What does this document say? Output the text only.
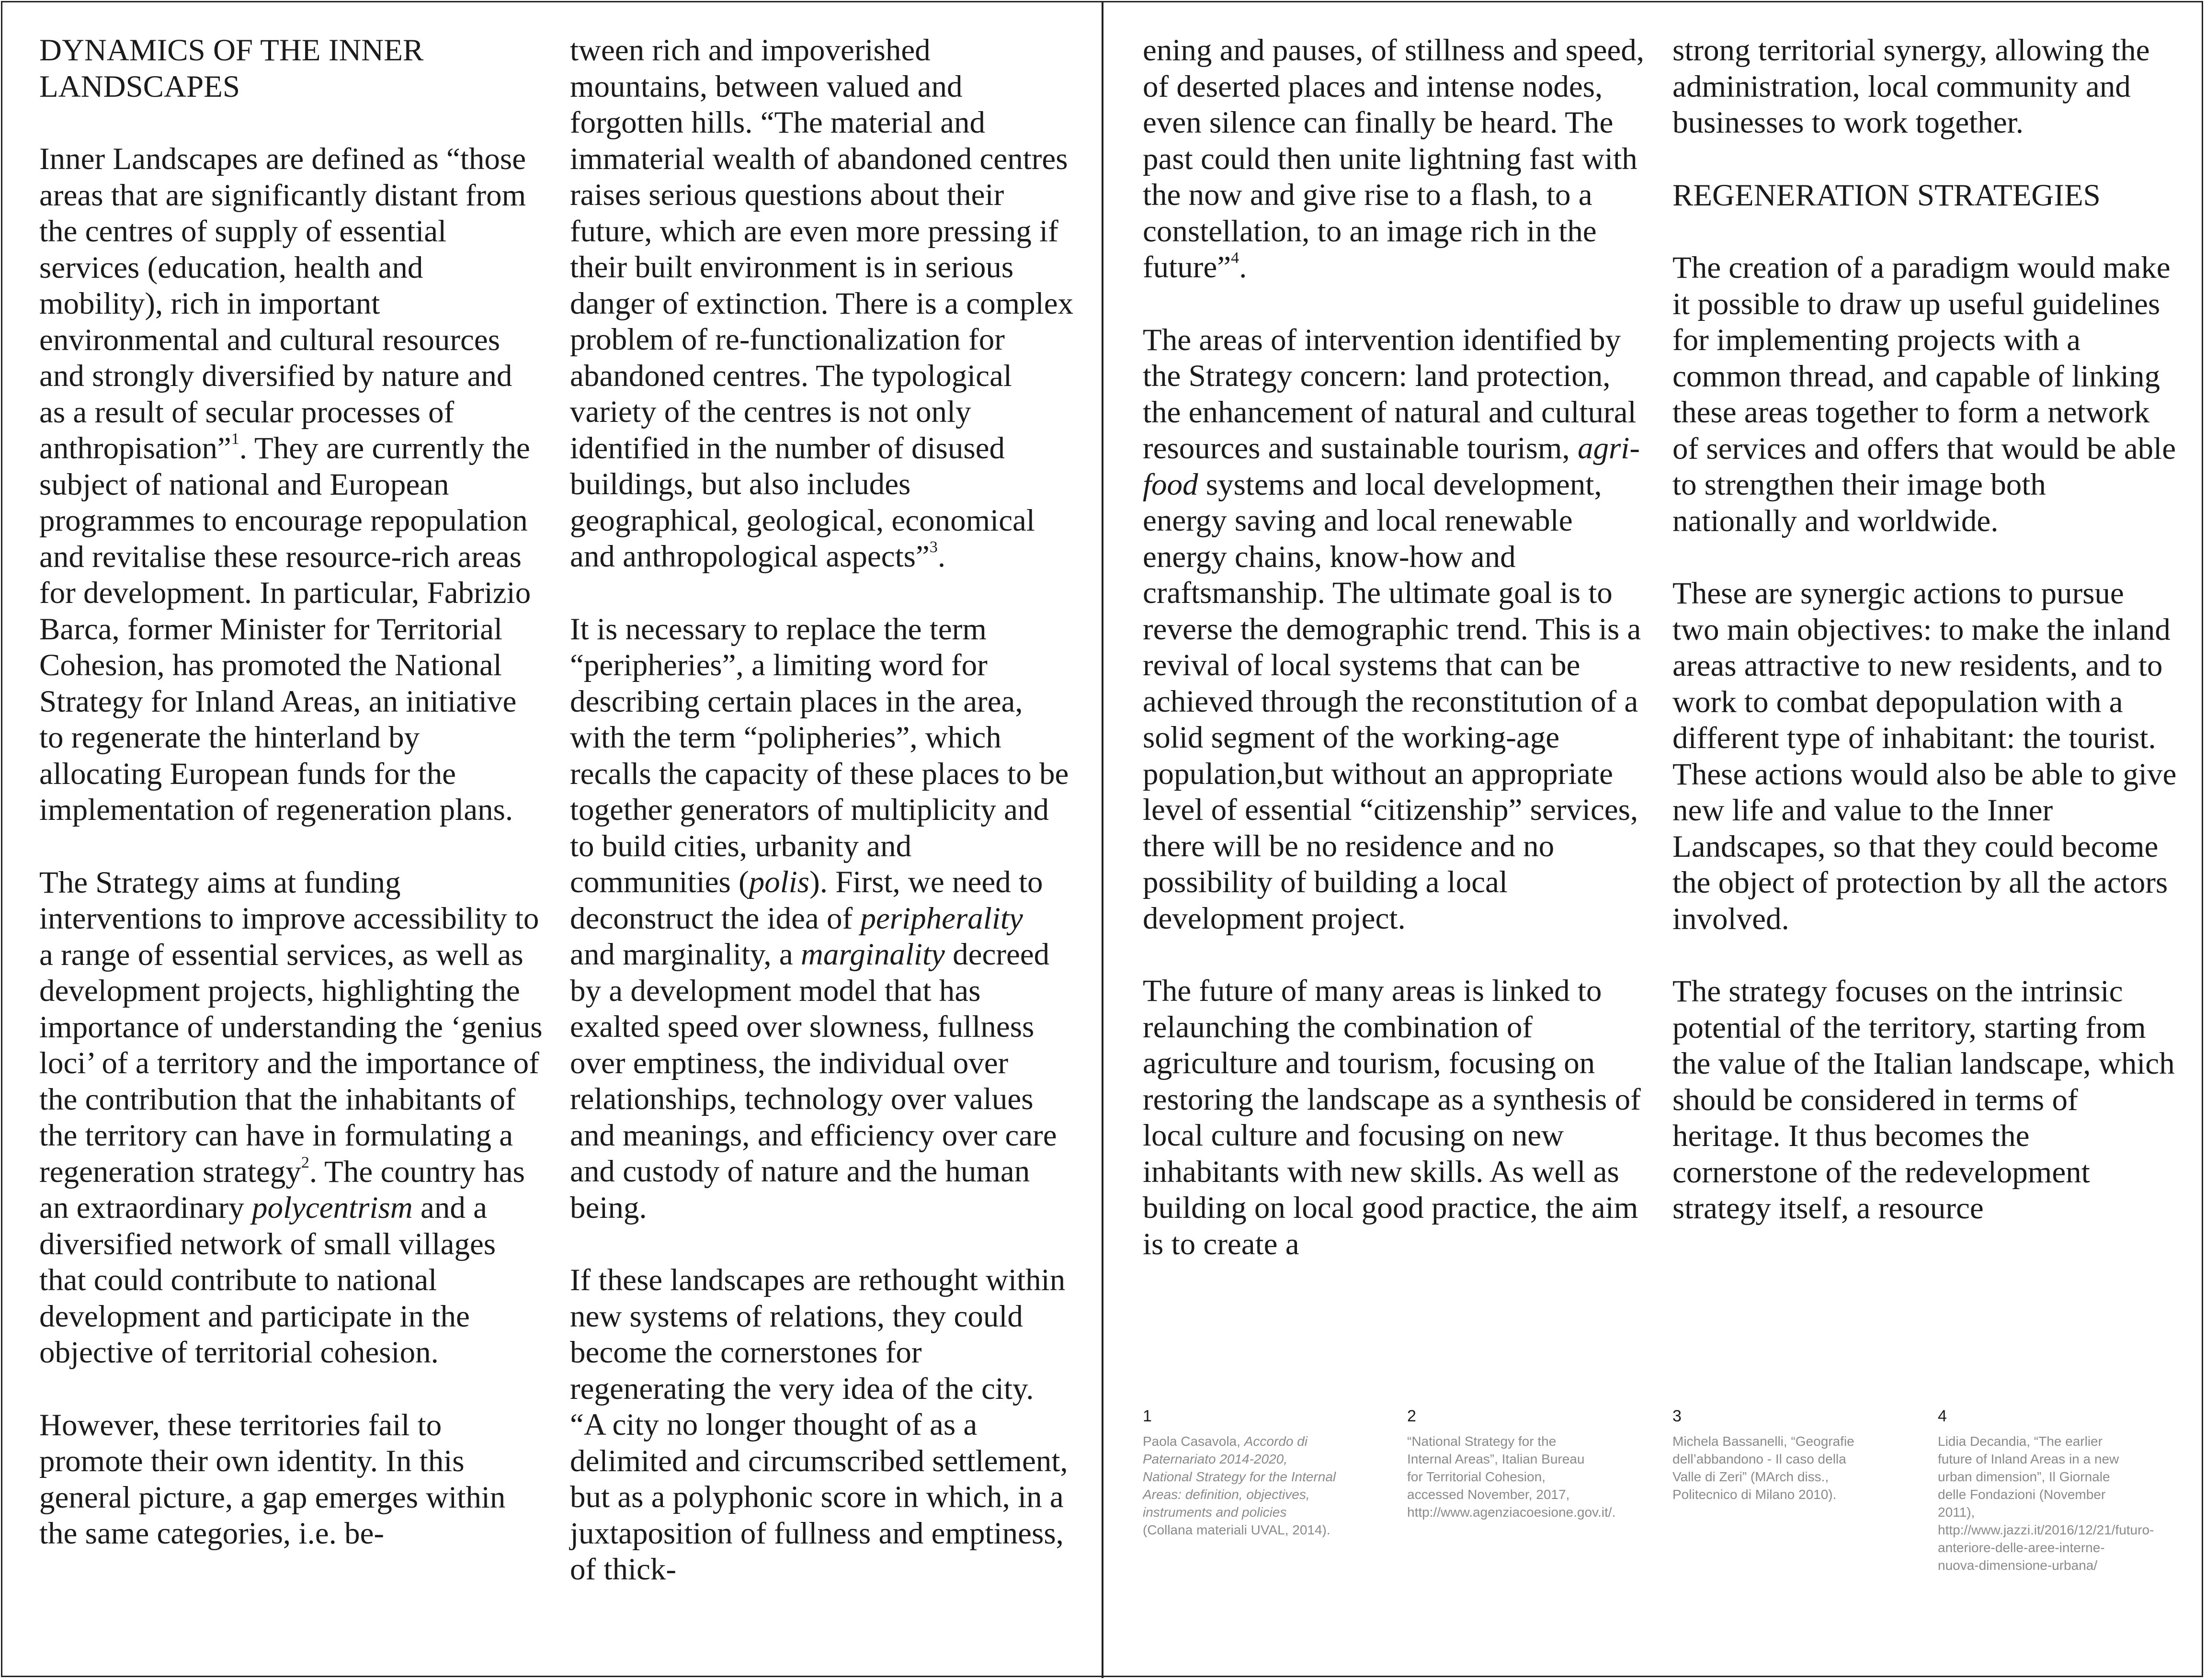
DYNAMICS OF THE INNER
LANDSCAPES

Inner Landscapes are defined as “those areas that are significantly distant from the centres of supply of essential services (education, health and mobility), rich in important environmental and cultural resources and strongly diversified by nature and as a result of secular processes of anthropisation”$^1$. They are currently the subject of national and European programmes to encourage repopulation and revitalise these resource-rich areas for development. In particular, Fabrizio Barca, former Minister for Territorial Cohesion, has promoted the National Strategy for Inland Areas, an initiative to regenerate the hinterland by allocating European funds for the implementation of regeneration plans.

The Strategy aims at funding interventions to improve accessibility to a range of essential services, as well as development projects, highlighting the importance of understanding the ‘genius loci’ of a territory and the importance of the contribution that the inhabitants of the territory can have in formulating a regeneration strategy$^2$. The country has an extraordinary polycentrism and a diversified network of small villages that could contribute to national development and participate in the objective of territorial cohesion.

However, these territories fail to promote their own identity. In this general picture, a gap emerges within the same categories, i.e. be-

tween rich and impoverished mountains, between valued and forgotten hills. “The material and immaterial wealth of abandoned centres raises serious questions about their future, which are even more pressing if their built environment is in serious danger of extinction. There is a complex problem of re-functionalization for abandoned centres. The typological variety of the centres is not only identified in the number of disused buildings, but also includes geographical, geological, economical and anthropological aspects”$^3$.

It is necessary to replace the term “peripheries”, a limiting word for describing certain places in the area, with the term “polipheries”, which recalls the capacity of these places to be together generators of multiplicity and to build cities, urbanity and communities (polis). First, we need to deconstruct the idea of peripherality and marginality, a marginality decreed by a development model that has exalted speed over slowness, fullness over emptiness, the individual over relationships, technology over values and meanings, and efficiency over care and custody of nature and the human being.

If these landscapes are rethought within new systems of relations, they could become the cornerstones for regenerating the very idea of the city. “A city no longer thought of as a delimited and circumscribed settlement, but as a polyphonic score in which, in a juxtaposition of fullness and emptiness, of thick-

ening and pauses, of stillness and speed, of deserted places and intense nodes, even silence can finally be heard. The past could then unite lightning fast with the now and give rise to a flash, to a constellation, to an image rich in the future”$^4$.

The areas of intervention identified by the Strategy concern: land protection, the enhancement of natural and cultural resources and sustainable tourism, agri-food systems and local development, energy saving and local renewable energy chains, know-how and craftsmanship. The ultimate goal is to reverse the demographic trend. This is a revival of local systems that can be achieved through the reconstitution of a solid segment of the working-age population,but without an appropriate level of essential “citizenship” services, there will be no residence and no possibility of building a local development project.

The future of many areas is linked to relaunching the combination of agriculture and tourism, focusing on restoring the landscape as a synthesis of local culture and focusing on new inhabitants with new skills. As well as building on local good practice, the aim is to create a

strong territorial synergy, allowing the administration, local community and businesses to work together.

REGENERATION STRATEGIES

The creation of a paradigm would make it possible to draw up useful guidelines for implementing projects with a common thread, and capable of linking these areas together to form a network of services and offers that would be able to strengthen their image both nationally and worldwide.

These are synergic actions to pursue two main objectives: to make the inland areas attractive to new residents, and to work to combat depopulation with a different type of inhabitant: the tourist. These actions would also be able to give new life and value to the Inner Landscapes, so that they could become the object of protection by all the actors involved.

The strategy focuses on the intrinsic potential of the territory, starting from the value of the Italian landscape, which should be considered in terms of heritage. It thus becomes the cornerstone of the redevelopment strategy itself, a resource

1
Paola Casavola, Accordo di Paternariato 2014-2020, National Strategy for the Internal Areas: definition, objectives, instruments and policies (Collana materiali UVAL, 2014).
2
“National Strategy for the Internal Areas”, Italian Bureau for Territorial Cohesion, accessed November, 2017, http://www.agenziacoesione.gov.it/.
3
Michela Bassanelli, “Geografie dell’abbandono - Il caso della Valle di Zeri” (MArch diss., Politecnico di Milano 2010).
4
Lidia Decandia, “The earlier future of Inland Areas in a new urban dimension”, Il Giornale delle Fondazioni (November 2011), http://www.jazzi.it/2016/12/21/futuro-anteriore-delle-aree-interne-nuova-dimensione-urbana/
